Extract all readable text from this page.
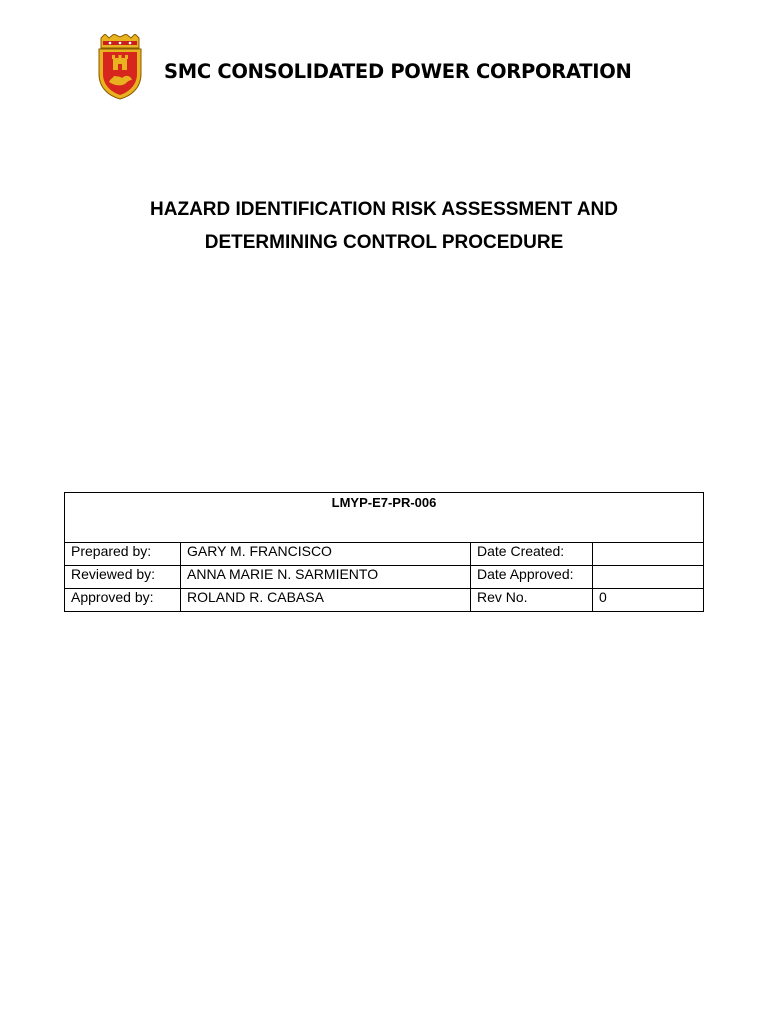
SMC CONSOLIDATED POWER CORPORATION
HAZARD IDENTIFICATION RISK ASSESSMENT AND
DETERMINING CONTROL PROCEDURE
LMYP-E7-PR-006			
Prepared by:	GARY M. FRANCISCO	Date Created:	
Reviewed by:	ANNA MARIE N. SARMIENTO	Date Approved:	
Approved by:	ROLAND R. CABASA	Rev No.	0
